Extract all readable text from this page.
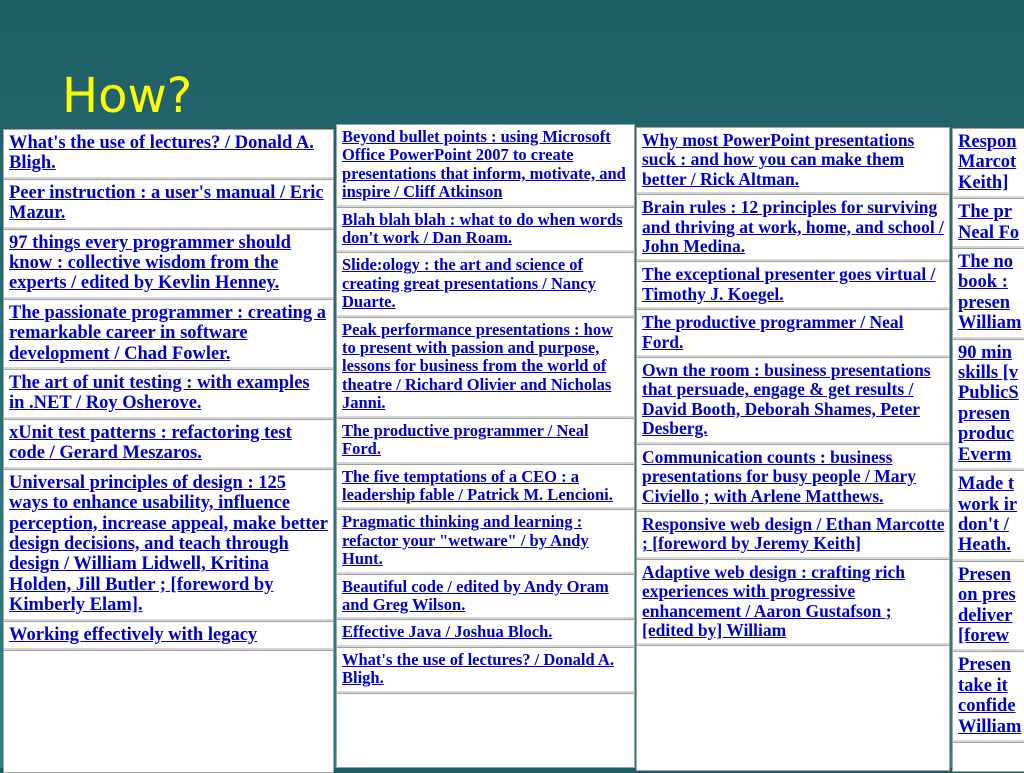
How?
What's the use of lectures? / Donald A. Bligh.
Peer instruction : a user's manual / Eric Mazur.
97 things every programmer should know : collective wisdom from the experts / edited by Kevlin Henney.
The passionate programmer : creating a remarkable career in software development / Chad Fowler.
The art of unit testing : with examples in .NET / Roy Osherove.
xUnit test patterns : refactoring test code / Gerard Meszaros.
Universal principles of design : 125 ways to enhance usability, influence perception, increase appeal, make better design decisions, and teach through design / William Lidwell, Kritina Holden, Jill Butler ; [foreword by Kimberly Elam].
Working effectively with legacy
Beyond bullet points : using Microsoft Office PowerPoint 2007 to create presentations that inform, motivate, and inspire / Cliff Atkinson
Blah blah blah : what to do when words don't work / Dan Roam.
Slide:ology : the art and science of creating great presentations / Nancy Duarte.
Peak performance presentations : how to present with passion and purpose, lessons for business from the world of theatre / Richard Olivier and Nicholas Janni.
The productive programmer / Neal Ford.
The five temptations of a CEO : a leadership fable / Patrick M. Lencioni.
Pragmatic thinking and learning : refactor your "wetware" / by Andy Hunt.
Beautiful code / edited by Andy Oram and Greg Wilson.
Effective Java / Joshua Bloch.
What's the use of lectures? / Donald A. Bligh.
Why most PowerPoint presentations suck : and how you can make them better / Rick Altman.
Brain rules : 12 principles for surviving and thriving at work, home, and school / John Medina.
The exceptional presenter goes virtual / Timothy J. Koegel.
The productive programmer / Neal Ford.
Own the room : business presentations that persuade, engage & get results / David Booth, Deborah Shames, Peter Desberg.
Communication counts : business presentations for busy people / Mary Civiello ; with Arlene Matthews.
Responsive web design / Ethan Marcotte ; [foreword by Jeremy Keith]
Adaptive web design : crafting rich experiences with progressive enhancement / Aaron Gustafson ; [edited by] William
Respon
Marcot
Keith]
The pr
Neal Fo
The no
book :
presen
William
90 min
skills [v
PublicS
presen
produc
Everm
Made t
work ir
don't /
Heath.
Presen
on pres
deliver
[forew
Presen
take it
confide
William
